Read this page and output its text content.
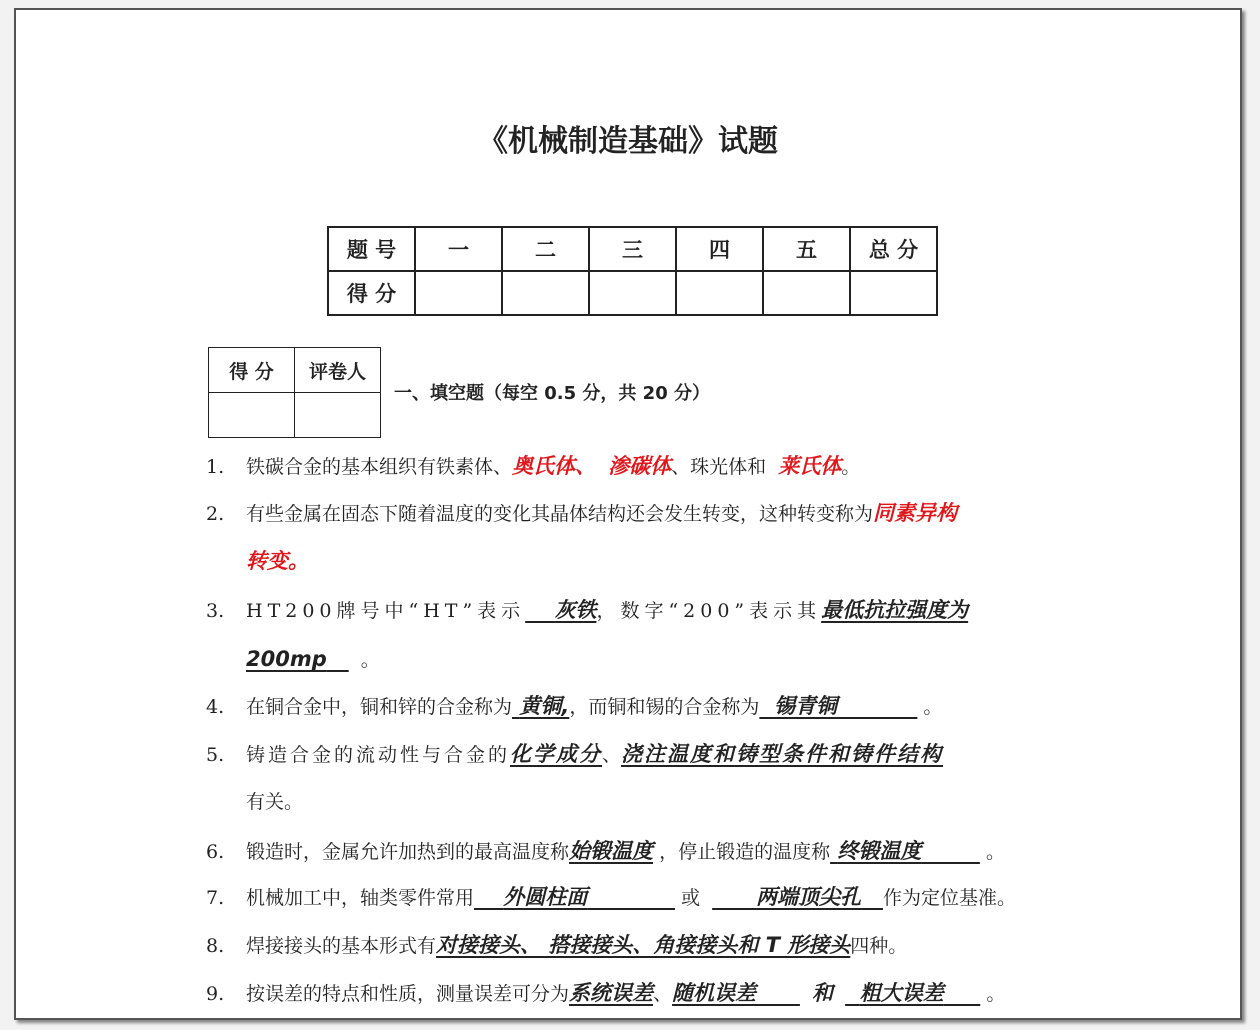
《机械制造基础》试题
题 号	一	二	三	四	五	总 分
得 分						
得 分	评卷人

一、填空题（每空 0.5 分，共 20 分）
1. 铁碳合金的基本组织有铁素体、奥氏体、 渗碳体、珠光体和  莱氏体。
2. 有些金属在固态下随着温度的变化其晶体结构还会发生转变，这种转变称为同素异构
转变。
3. HT200牌号中“HT”表示 灰铁，数字“200”表示其最低抗拉强度为
200mp 。
4. 在铜合金中，铜和锌的合金称为 黄铜,，而铜和锡的合金称为 锡青铜	。
5. 铸造合金的流动性与合金的化学成分、浇注温度和铸型条件和铸件结构
有关。
6. 锻造时，金属允许加热到的最高温度称始锻温度 ，停止锻造的温度称 终锻温度	。
7. 机械加工中，轴类零件常用 外圆柱面	或	两端顶尖孔 作为定位基准。
8. 焊接接头的基本形式有对接接头、 搭接接头、角接接头和 T 形接头四种。
9. 按误差的特点和性质，测量误差可分为系统误差、随机误差	和 粗大误差 。
